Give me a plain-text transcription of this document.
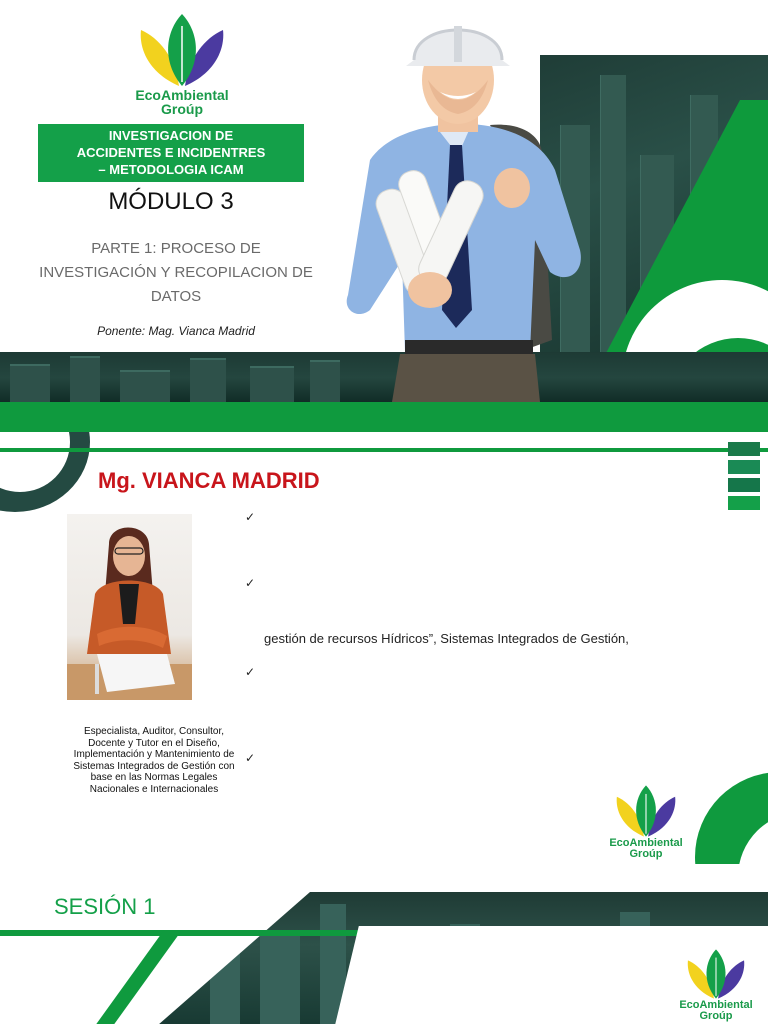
EcoAmbiental
Groúp
INVESTIGACION DE
ACCIDENTES E INCIDENTRES
– METODOLOGIA ICAM
MÓDULO 3
PARTE 1: PROCESO DE
INVESTIGACIÓN Y RECOPILACION DE
DATOS
Ponente: Mag. Vianca Madrid
Mg. VIANCA MADRID
Especialista, Auditor, Consultor,
Docente y Tutor en el Diseño,
Implementación y Mantenimiento de
Sistemas Integrados de Gestión con
base en las Normas Legales
Nacionales e Internacionales
✓
✓
✓
✓
gestión de recursos Hídricos”, Sistemas Integrados de Gestión,
EcoAmbiental
Groúp
SESIÓN 1
EcoAmbiental
Groúp
